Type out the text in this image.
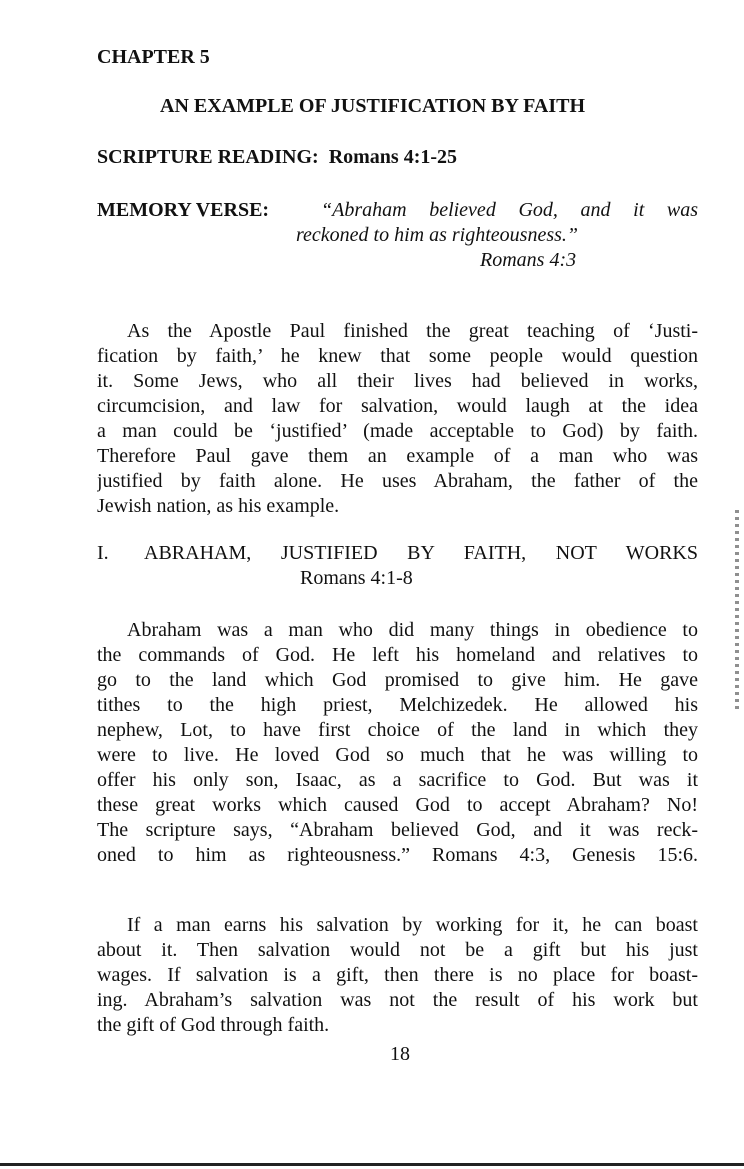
CHAPTER 5
AN EXAMPLE OF JUSTIFICATION BY FAITH
SCRIPTURE READING: Romans 4:1-25
MEMORY VERSE:	“Abraham believed God, and it was
reckoned to him as righteousness.”
Romans 4:3
As the Apostle Paul finished the great teaching of ‘Justi-
fication by faith,’ he knew that some people would question
it. Some Jews, who all their lives had believed in works,
circumcision, and law for salvation, would laugh at the idea
a man could be ‘justified’ (made acceptable to God) by faith.
Therefore Paul gave them an example of a man who was
justified by faith alone. He uses Abraham, the father of the
Jewish nation, as his example.
I. ABRAHAM, JUSTIFIED BY FAITH, NOT WORKS
Romans 4:1-8
Abraham was a man who did many things in obedience to
the commands of God. He left his homeland and relatives to
go to the land which God promised to give him. He gave
tithes to the high priest, Melchizedek. He allowed his
nephew, Lot, to have first choice of the land in which they
were to live. He loved God so much that he was willing to
offer his only son, Isaac, as a sacrifice to God. But was it
these great works which caused God to accept Abraham? No!
The scripture says, “Abraham believed God, and it was reck-
oned to him as righteousness.” Romans 4:3, Genesis 15:6.
If a man earns his salvation by working for it, he can boast
about it. Then salvation would not be a gift but his just
wages. If salvation is a gift, then there is no place for boast-
ing. Abraham’s salvation was not the result of his work but
the gift of God through faith.
18
